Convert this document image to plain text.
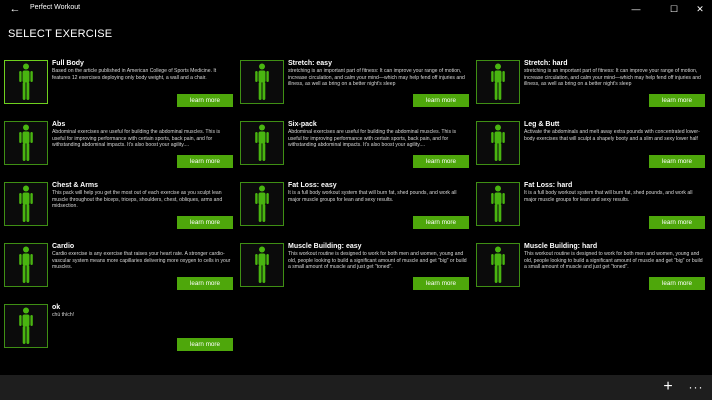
← Perfect Workout	—	☐	✕
SELECT EXERCISE
Full Body
Based on the article published in American College of Sports Medicine. It features 12 exercises deploying only body weight, a wall and a chair.
learn more
Stretch: easy
stretching is an important part of fitness: It can improve your range of motion, increase circulation, and calm your mind—which may help fend off injuries and illness, as well as bring on a better night's sleep
learn more
Stretch: hard
stretching is an important part of fitness: It can improve your range of motion, increase circulation, and calm your mind—which may help fend off injuries and illness, as well as bring on a better night's sleep
learn more
Abs
Abdominal exercises are useful for building the abdominal muscles. This is useful for improving performance with certain sports, back pain, and for withstanding abdominal impacts. It's also boost your agility....
learn more
Six-pack
Abdominal exercises are useful for building the abdominal muscles. This is useful for improving performance with certain sports, back pain, and for withstanding abdominal impacts. It's also boost your agility....
learn more
Leg & Butt
Activate the abdominals and melt away extra pounds with concentrated lower-body exercises that will sculpt a shapely booty and a slim and sexy lower half
learn more
Chest & Arms
This pack will help you get the most out of each exercise as you sculpt lean muscle throughout the biceps, triceps, shoulders, chest, obliques, arms and midsection.
learn more
Fat Loss: easy
It is a full body workout system that will burn fat, shed pounds, and work all major muscle groups for lean and sexy results.
learn more
Fat Loss: hard
It is a full body workout system that will burn fat, shed pounds, and work all major muscle groups for lean and sexy results.
learn more
Cardio
Cardio exercise is any exercise that raises your heart rate. A stronger cardio-vascular system means more capillaries delivering more oxygen to cells in your muscles.
learn more
Muscle Building: easy
This workout routine is designed to work for both men and women, young and old, people looking to build a significant amount of muscle and get "big" or build a small amount of muscle and just get "toned".
learn more
Muscle Building: hard
This workout routine is designed to work for both men and women, young and old, people looking to build a significant amount of muscle and get "big" or build a small amount of muscle and just get "toned".
learn more
ok
chú thích!
learn more
+ ···
